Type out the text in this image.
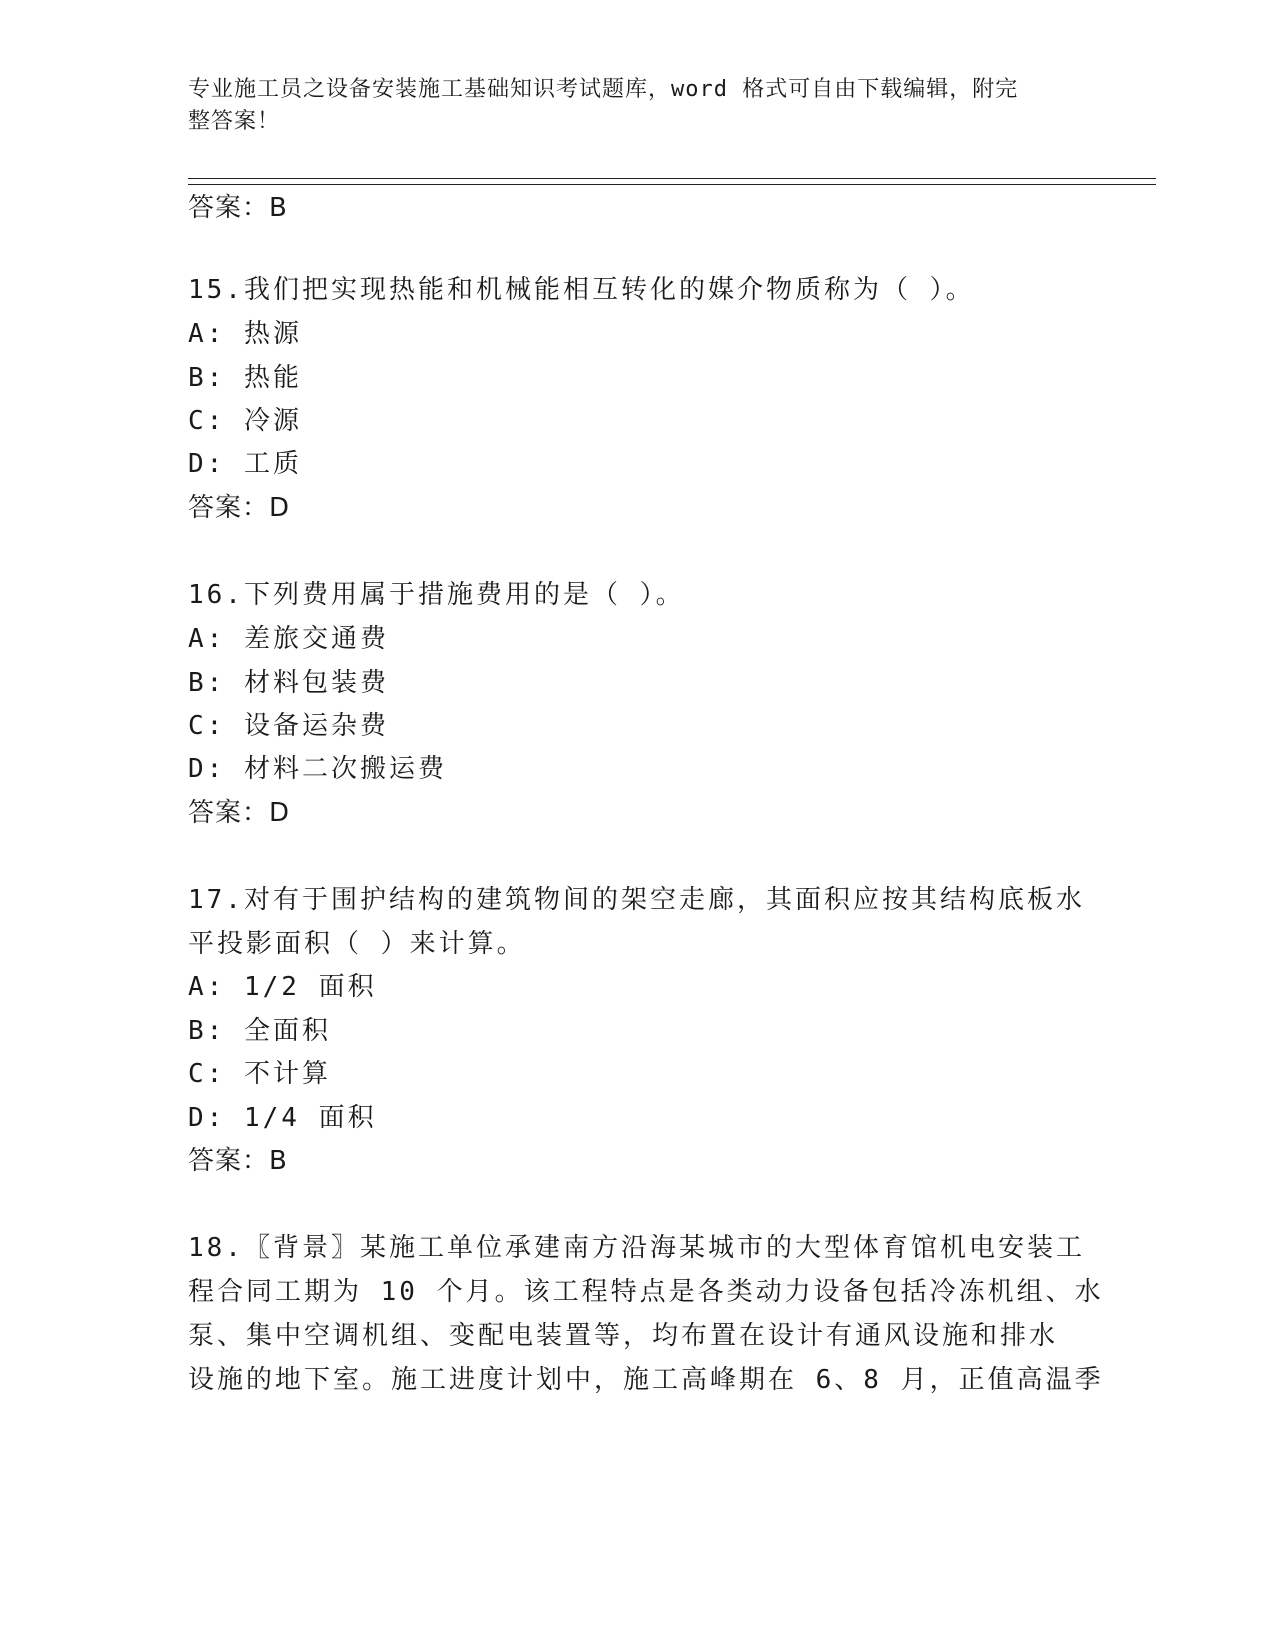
专业施工员之设备安装施工基础知识考试题库，word 格式可自由下载编辑，附完
整答案！
答案：B
15.我们把实现热能和机械能相互转化的媒介物质称为（ ）。
A: 热源
B: 热能
C: 冷源
D: 工质
答案：D
16.下列费用属于措施费用的是（ ）。
A: 差旅交通费
B: 材料包装费
C: 设备运杂费
D: 材料二次搬运费
答案：D
17.对有于围护结构的建筑物间的架空走廊，其面积应按其结构底板水
平投影面积（ ）来计算。
A: 1/2 面积
B: 全面积
C: 不计算
D: 1/4 面积
答案：B
18.〖背景〗某施工单位承建南方沿海某城市的大型体育馆机电安装工
程合同工期为 10 个月。该工程特点是各类动力设备包括冷冻机组、水
泵、集中空调机组、变配电装置等，均布置在设计有通风设施和排水
设施的地下室。施工进度计划中，施工高峰期在 6、8 月，正值高温季
